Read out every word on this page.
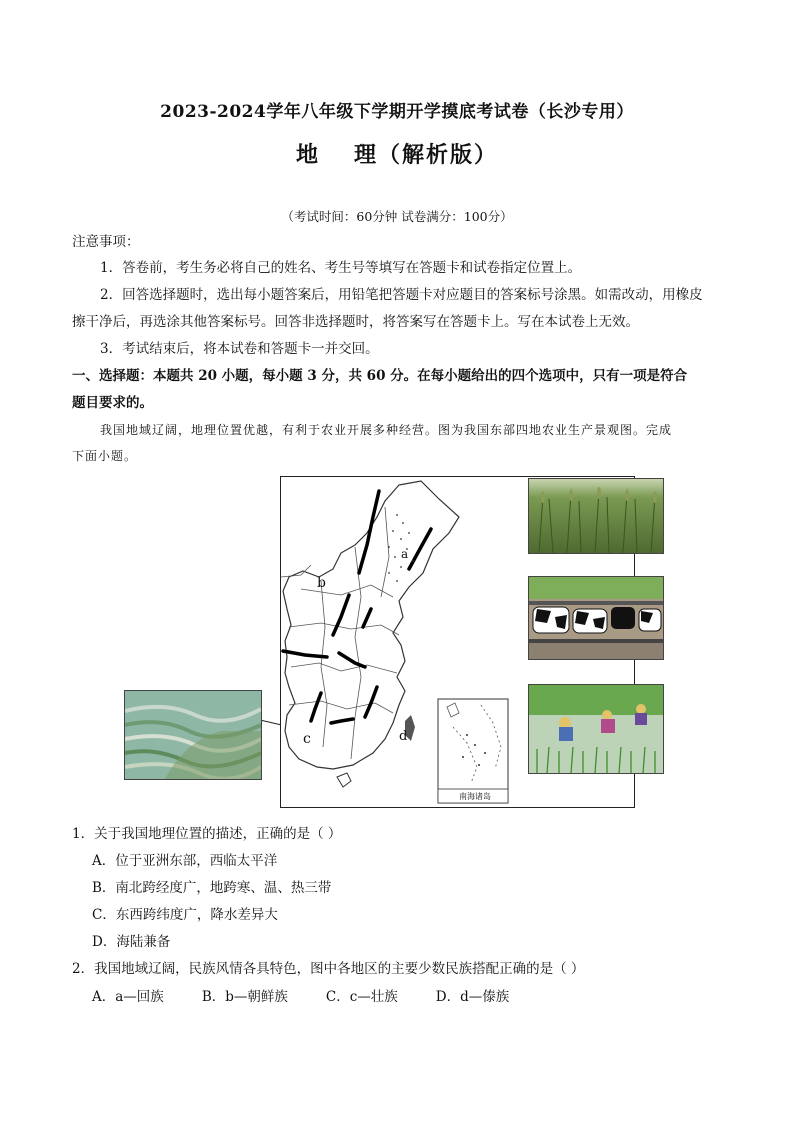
2023-2024学年八年级下学期开学摸底考试卷（长沙专用）
地 理（解析版）
（考试时间：60分钟 试卷满分：100分）
注意事项：
1．答卷前，考生务必将自己的姓名、考生号等填写在答题卡和试卷指定位置上。
2．回答选择题时，选出每小题答案后，用铅笔把答题卡对应题目的答案标号涂黑。如需改动，用橡皮
擦干净后，再选涂其他答案标号。回答非选择题时，将答案写在答题卡上。写在本试卷上无效。
3．考试结束后，将本试卷和答题卡一并交回。
一、选择题：本题共 20 小题，每小题 3 分，共 60 分。在每小题给出的四个选项中，只有一项是符合
题目要求的。
我国地域辽阔，地理位置优越，有利于农业开展多种经营。图为我国东部四地农业生产景观图。完成
下面小题。
a
b
c	d
南海诸岛
1．关于我国地理位置的描述，正确的是（ ）
A．位于亚洲东部，西临太平洋
B．南北跨经度广，地跨寒、温、热三带
C．东西跨纬度广，降水差异大
D．海陆兼备
2．我国地域辽阔，民族风情各具特色，图中各地区的主要少数民族搭配正确的是（ ）
A．a—回族	B．b—朝鲜族	C．c—壮族	D．d—傣族
